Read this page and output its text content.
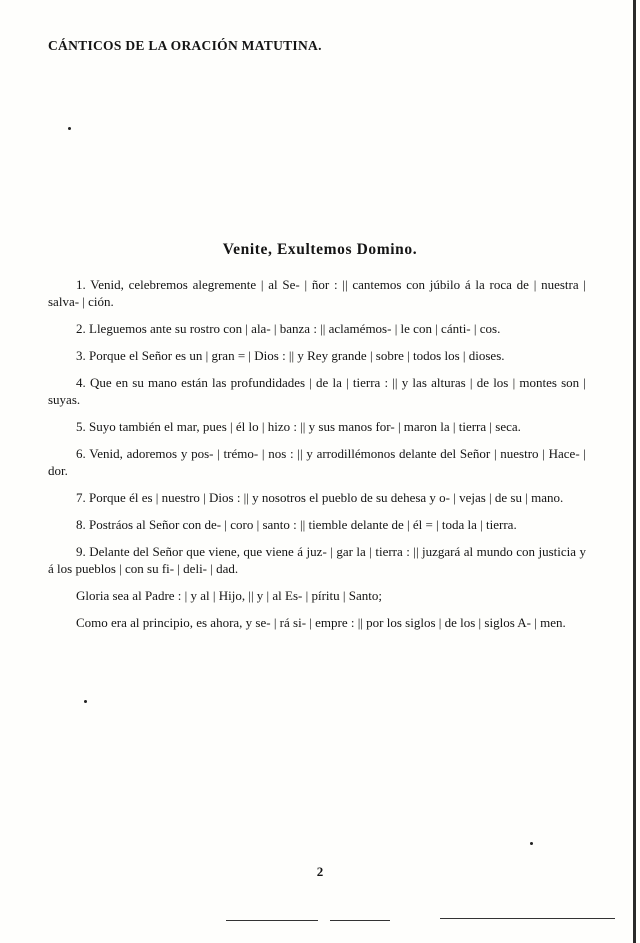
CÁNTICOS DE LA ORACIÓN MATUTINA.
Venite, Exultemos Domino.

1. Venid, celebremos alegremente | al Se- | ñor : || cantemos con júbilo á la roca de | nuestra | salva- | ción.

2. Lleguemos ante su rostro con | ala- | banza : || aclamémos- | le con | cánti- | cos.

3. Porque el Señor es un | gran = | Dios : || y Rey grande | sobre | todos los | dioses.

4. Que en su mano están las profundidades | de la | tierra : || y las alturas | de los | montes son | suyas.

5. Suyo también el mar, pues | él lo | hizo : || y sus manos for- | maron la | tierra | seca.

6. Venid, adoremos y pos- | trémo- | nos : || y arrodillémonos delante del Señor | nuestro | Hace- | dor.

7. Porque él es | nuestro | Dios : || y nosotros el pueblo de su dehesa y o- | vejas | de su | mano.

8. Postráos al Señor con de- | coro | santo : || tiemble delante de | él = | toda la | tierra.

9. Delante del Señor que viene, que viene á juz- | gar la | tierra : || juzgará al mundo con justicia y á los pueblos | con su fi- | deli- | dad.

Gloria sea al Padre : | y al | Hijo, || y | al Es- | píritu | Santo;

Como era al principio, es ahora, y se- | rá si- | empre : || por los siglos | de los | siglos A- | men.

2
